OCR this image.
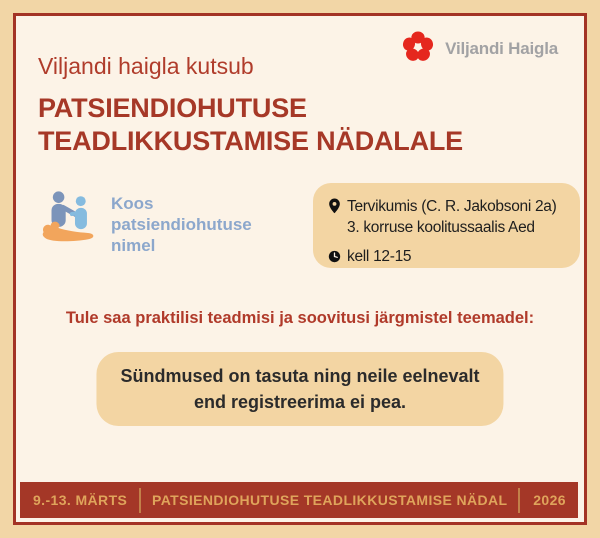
Viljandi Haigla
Viljandi haigla kutsub
PATSIENDIOHUTUSE
TEADLIKKUSTAMISE NÄDALALE
Koos
patsiendiohutuse
nimel
Tervikumis (C. R. Jakobsoni 2a)
3. korruse koolitussaalis Aed
kell 12-15
Tule saa praktilisi teadmisi ja soovitusi järgmistel teemadel:
Sündmused on tasuta ning neile eelnevalt
end registreerima ei pea.
9.-13. MÄRTS	PATSIENDIOHUTUSE TEADLIKKUSTAMISE NÄDAL	2026
